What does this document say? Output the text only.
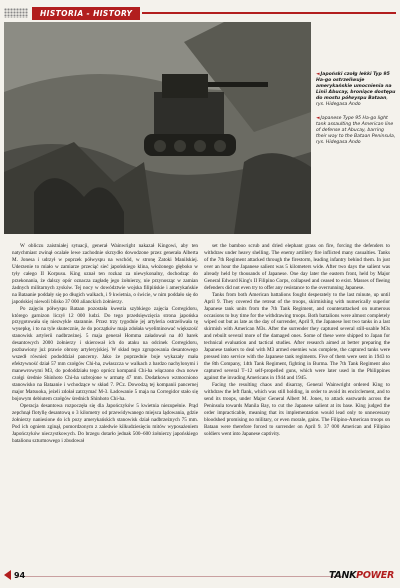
HISTORIA - HISTORY
◄Japoński czołg lekki Typ 95 Ha-go ostrzeliwuje amerykańskie umocnienia na Linii Abucay, broniące dostępu do mostu półwyspu Bataan, rys. Hidegasa Ando
◄Japanese Type 95 Ha-go light tank assaulting the American line of defense at Abucay, barring their way to the Bataan Peninsula, rys. Hidegasa Ando

W obliczu zaistniałej sytuacji, generał Wainwright nakazał Kingowi, aby ten natychmiast zwinął ocalałe lewe zachodnie skrzydło dowodzone przez generała Alberta M. Jonesa i udrzył w poprzek półwyspu na wschód, w stronę Zatoki Manilskiej. Uderzenie to miało w zamiarze przeciąć sieć japońskiego klina, włożonego głęboko w tyły całego II Korpusu. King uznał ten rozkaz za niewykonalny, dochodząc do przekonania, że dalszy opór oznacza zagładę jego żołnierzy, nie przynosząc w zamian żadnych militarnych zysków. Tej nocy w dowództwie wojska filipińskie i amerykańskie na Bataanie poddały się po długich walkach, i 9 kwietnia, o świcie, w nim poddało się do japońskiej niewoli blisko 37 000 alianckich żołnierzy.

Po zajęciu półwyspu Bataan pozostała kwestia szybkiego zajęcia Corregidoru, którego garnizon liczył 12 000 ludzi. Do tego przedsięwzięcia strona japońska przygotowała się niezwykle starannie. Przez trzy tygodnie jej artyleria ostrzeliwała tę wysepkę, i to na tyle skutecznie, że do początków maja zdołała wyeliminować większość stanowisk artylerii nadbrzeżnej. 5 maja generał Homma załadował na 40 barek desantowych 2000 żołnierzy i skierował ich do ataku na odcinek Corregidoru, pozbawiony już prawie obrony artyleryjskiej. W skład tego zgrupowania desantowego wszedł również pododdział pancerny. Jako że poprzednie boje wykazały mała efektywność dział 57 mm czołgów Chi-ha, zwłaszcza w walkach z bardzo nachylonymi i manewrowymi M3, do pododdziału tego oprócz kompanii Chi-ha włączono dwa nowe czołgi średnie Shinhoto Chi-ha uzbrojone w armatę 47 mm. Dodatkowo wzmocniono stanowisko na Bataanie i wchodzące w skład 7. PCz. Dowodzą tej kompanii pancernej major Matsuoka, jeżeli zdołał zatrzymać M-3. Ładowanie 5 maja na Corregidor stało się bojowym debiutem czołgów średnich Shinhoto Chi-ha.

Operacja desantowa rozpoczęła się dla Japończyków 5 kwietnia niezupełnie. Prąd zepchnął flotyllę desantową o 3 kilometry od przewidywanego miejsca lądowania, gdzie żołnierzy naniesione do ich pozy amerykańskich stanowisk dział nadbrzeżnych 75 mm. Pod ich ogniem zginął, pomordzonym z zaledwie kilkudziesięciu mitów wyposażeniem Japończyków nieczystkowych. Do brzegu dotarło jednak 500–600 żołnierzy japońskiego batalionu szturmowego i zbudował

set the bamboo scrub and dried elephant grass on fire, forcing the defenders to withdraw under heavy shelling. The enemy artillery fire inflicted many casualties. Tanks of the 7th Regiment attacked through the firestorm, leading infantry behind them. In just over an hour the Japanese salient was 5 kilometers wide. After two days the salient was already held by thousands of Japanese. One day later the eastern front, held by Major General Edward King's II Filipino Corps, collapsed and ceased to exist. Masses of fleeing defenders did not even try to offer any resistance to the overrunning Japanese.

Tanks from both American battalions fought desperately to the last minute, up until April 9. They covered the retreat of the troops, skirmishing with numerically superior Japanese tank units from the 7th Tank Regiment, and counterattacked on numerous occasions to buy time for the withdrawing troops. Both battalions were almost completely wiped out but as late as the day of surrender, April 9, the Japanese lost two tanks in a last skirmish with American M3s. After the surrender they captured several still-usable M3s and rebuilt several more of the damaged ones. Some of these were shipped to Japan for technical evaluation and tactical studies. After research aimed at better preparing the Japanese tankers to deal with M3 armed enemies was complete, the captured tanks were pressed into service with the Japanese tank regiments. Five of them were sent in 1943 to the 8th Company, 14th Tank Regiment, fighting in Burma. The 7th Tank Regiment also captured several T–12 self-propelled guns, which were later used in the Philippines against the invading Americans in 1944 and 1945.

Facing the resulting chaos and disarray, General Wainwright ordered King to withdraw the left flank, which was still holding, in order to avoid its encirclement, and to send its troops, under Major General Albert M. Jones, to attack eastwards across the Peninsula towards Manila Bay, to cut the Japanese salient at its base. King judged the order impracticable, meaning that its implementation would lead only to unnecessary bloodshed promising no military, or even morale, gains. The Filipino-American troops on Bataan were therefore forced to surrender on April 9. 37 000 American and Filipino soldiers went into Japanese captivity.

94	TANKPOWER
